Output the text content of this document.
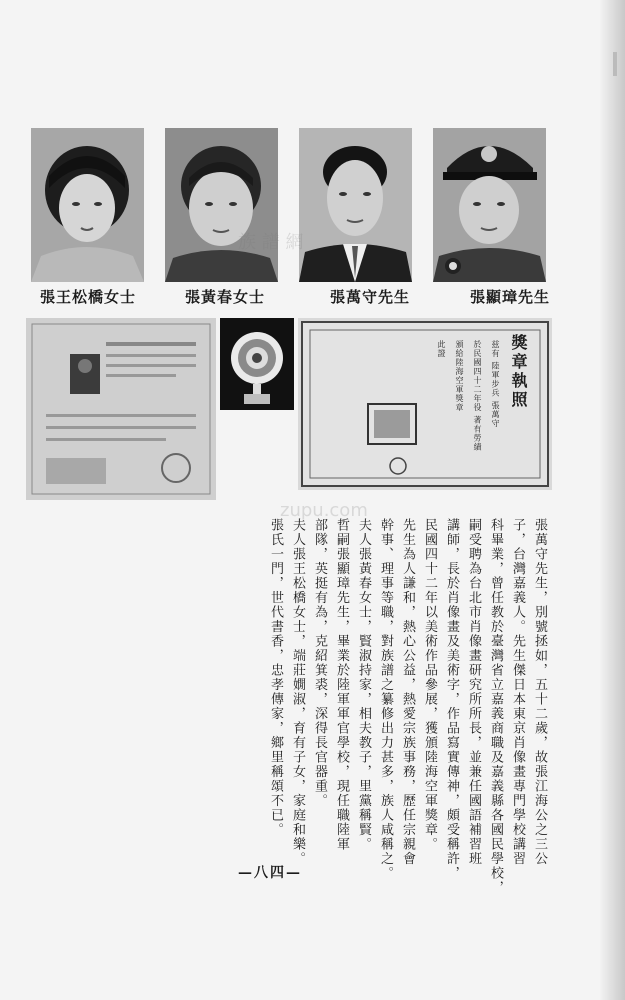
張顯璋先生
張萬守先生
張黃春女士
張王松橋女士
獎章執照
兹有 陸軍步兵 張萬守
於民國四十二年役 著有勞績
頒給陸海空軍獎章
此證
族 譜 網
zupu.com
張萬守先生，別號拯如，五十二歲，故張江海公之三公
子，台灣嘉義人。先生傑日本東京肖像畫專門學校講習
科畢業，曾任教於臺灣省立嘉義商職及嘉義縣各國民學校，
嗣受聘為台北市肖像畫研究所所長，並兼任國語補習班
講師，長於肖像畫及美術字，作品寫實傳神，頗受稱許，
民國四十二年以美術作品參展，獲頒陸海空軍獎章。
先生為人謙和，熱心公益，熱愛宗族事務，歷任宗親會
幹事、理事等職，對族譜之纂修出力甚多，族人咸稱之。
夫人張黃春女士，賢淑持家，相夫教子，里黨稱賢。
哲嗣張顯璋先生，畢業於陸軍軍官學校，現任職陸軍
部隊，英挺有為，克紹箕裘，深得長官器重。
夫人張王松橋女士，端莊嫺淑，育有子女，家庭和樂。
張氏一門，世代書香，忠孝傳家，鄉里稱頌不已。
—八四—
